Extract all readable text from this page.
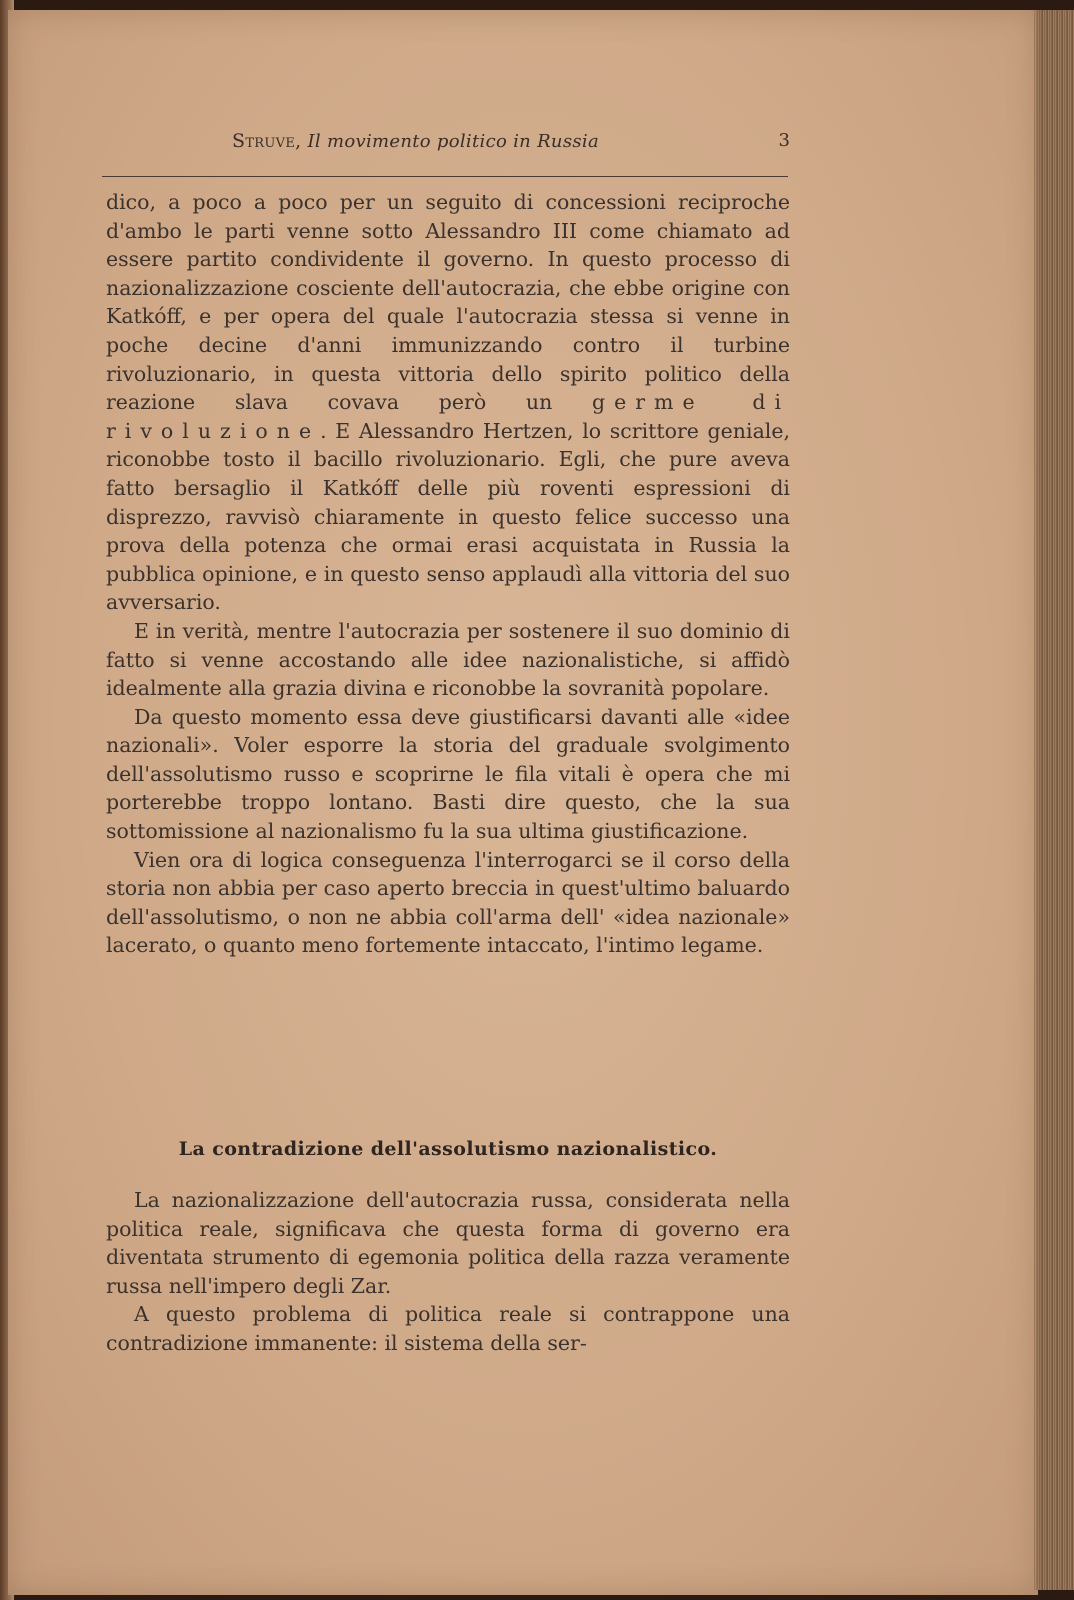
Struve, Il movimento politico in Russia	3

dico, a poco a poco per un seguito di concessioni reciproche d'ambo le parti venne sotto Alessandro III come chiamato ad essere partito condividente il governo. In questo processo di nazionalizzazione cosciente dell'autocrazia, che ebbe origine con Katkóff, e per opera del quale l'autocrazia stessa si venne in poche decine d'anni immunizzando contro il turbine rivoluzionario, in questa vittoria dello spirito politico della reazione slava covava però un germe di rivoluzione. E Alessandro Hertzen, lo scrittore geniale, riconobbe tosto il bacillo rivoluzionario. Egli, che pure aveva fatto bersaglio il Katkóff delle più roventi espressioni di disprezzo, ravvisò chiaramente in questo felice successo una prova della potenza che ormai erasi acquistata in Russia la pubblica opinione, e in questo senso applaudì alla vittoria del suo avversario.

E in verità, mentre l'autocrazia per sostenere il suo dominio di fatto si venne accostando alle idee nazionalistiche, si affidò idealmente alla grazia divina e riconobbe la sovranità popolare.

Da questo momento essa deve giustificarsi davanti alle «idee nazionali». Voler esporre la storia del graduale svolgimento dell'assolutismo russo e scoprirne le fila vitali è opera che mi porterebbe troppo lontano. Basti dire questo, che la sua sottomissione al nazionalismo fu la sua ultima giustificazione.

Vien ora di logica conseguenza l'interrogarci se il corso della storia non abbia per caso aperto breccia in quest'ultimo baluardo dell'assolutismo, o non ne abbia coll'arma dell' «idea nazionale» lacerato, o quanto meno fortemente intaccato, l'intimo legame.

La contradizione dell'assolutismo nazionalistico.

La nazionalizzazione dell'autocrazia russa, considerata nella politica reale, significava che questa forma di governo era diventata strumento di egemonia politica della razza veramente russa nell'impero degli Zar.

A questo problema di politica reale si contrappone una contradizione immanente: il sistema della ser-
